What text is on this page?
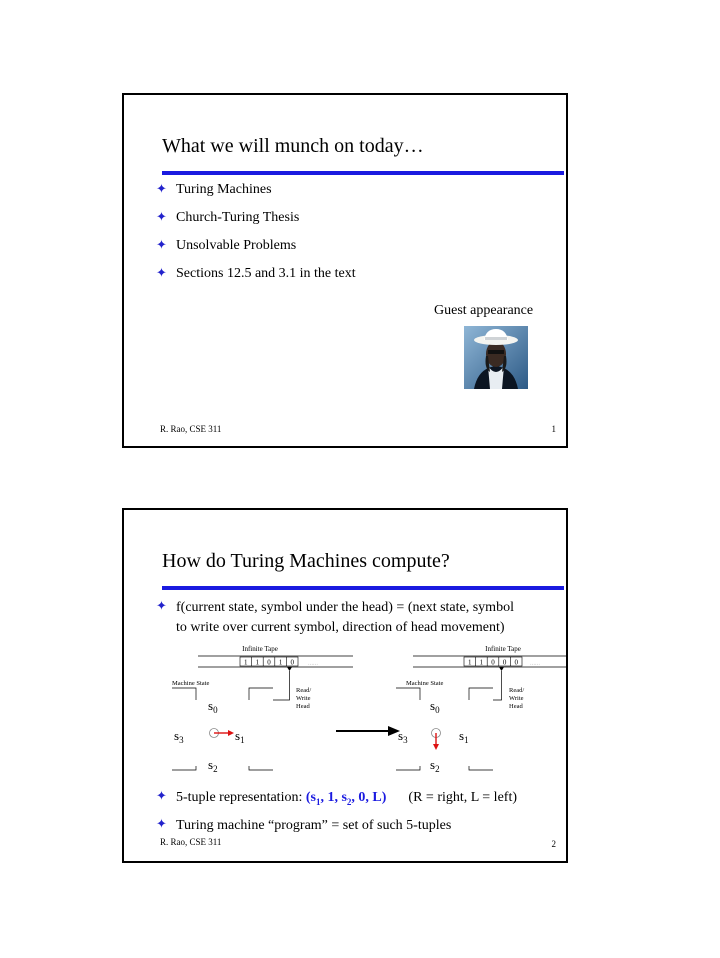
What we will munch on today…
✦ Turing Machines
✦ Church-Turing Thesis
✦ Unsolvable Problems
✦ Sections 12.5 and 3.1 in the text
Guest appearance
R. Rao, CSE 311	1
How do Turing Machines compute?
✦ f(current state, symbol under the head) = (next state, symbol
to write over current symbol, direction of head movement)
Infinite Tape
1 1 0 1 0	……
Machine State
Read/
Write
Head
$s_0$
$s_3$	$s_1$
$s_2$
Infinite Tape
1 1 0 0 0 ……
Machine State
Read/
Write
Head
$s_0$
$s_3$	$s_1$
$s_2$
✦ 5-tuple representation: ($s_1$, 1, $s_2$, 0, L) (R = right, L = left)
✦ Turing machine “program” = set of such 5-tuples
R. Rao, CSE 311	2
